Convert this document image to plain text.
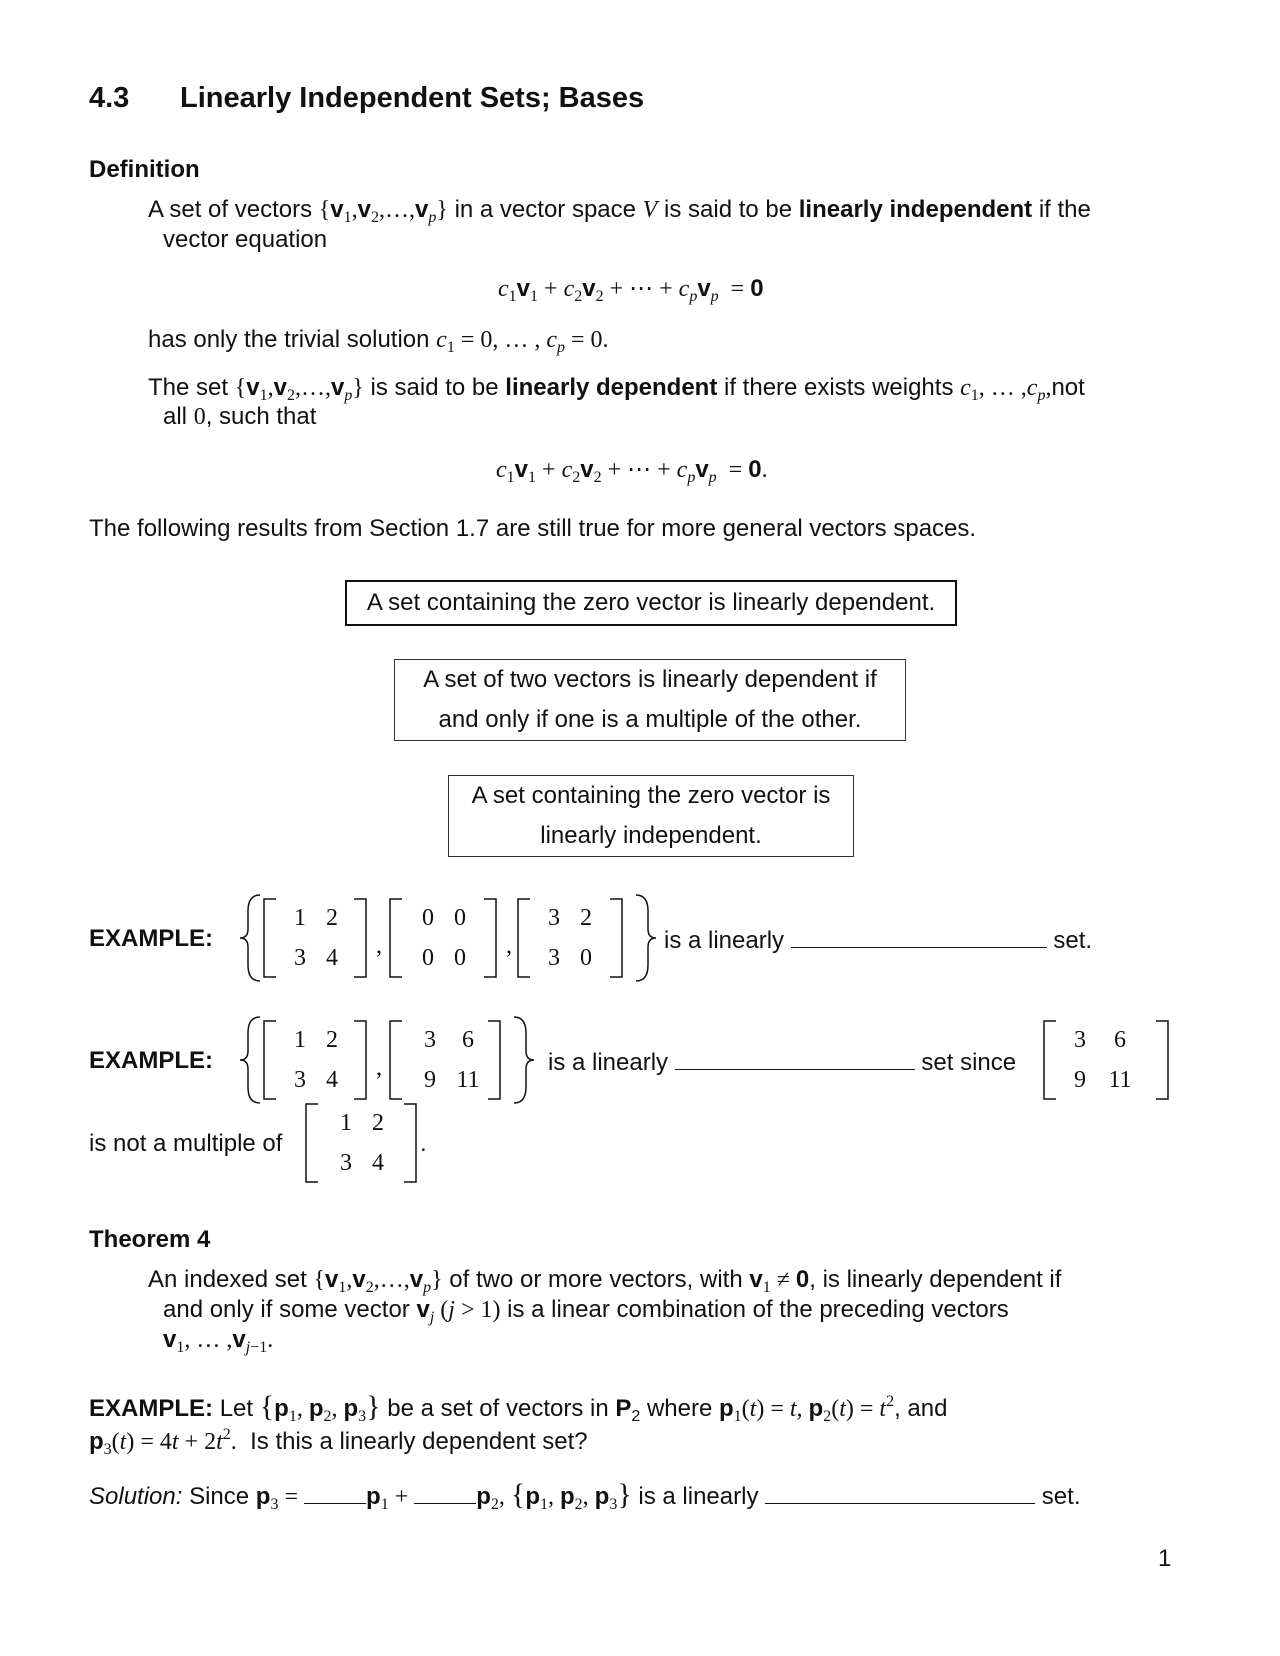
4.3 Linearly Independent Sets; Bases
Definition
A set of vectors $\{v_1,v_2,\dots,v_p\}$ in a vector space V is said to be linearly independent if the
vector equation
$c_1v_1 + c_2v_2$ + ⋯ + $c_pv_p = 0$
has only the trivial solution $c_1 = 0$, … , $c_p = 0$.
The set $\{v_1,v_2,\dots,v_p\}$ is said to be linearly dependent if there exists weights $c_1$, … $,c_p,not$
all 0, such that
$c_1v_1 + c_2v_2$ + ⋯ + $c_pv_p = 0$.
The following results from Section 1.7 are still true for more general vectors spaces.
A set containing the zero vector is linearly dependent.
A set of two vectors is linearly dependent if
and only if one is a multiple of the other.
A set containing the zero vector is
linearly independent.
EXAMPLE:	,	,
1 2
3 4
0 0
0 0
3 2
3 0
is a linearly	set.
EXAMPLE:	,
1 2
3 4
3	6
9 11
is a linearly	set since
3	6
9 11
is not a multiple of
1 2
3 4
.
Theorem 4
An indexed set $\{v_1,v_2,\dots,v_p\}$ of two or more vectors, with $v_1 \ne 0$, is linearly dependent if
and only if some vector $v_j$ (j > 1) is a linear combination of the preceding vectors
$v_1$, … $,v_{j-1}$.
EXAMPLE: Let {$p_1$, $p_2$, $p_3$} be a set of vectors in $P_2$ where $p_1(t) = t$, $p_2(t) = t^2$, and
$p_3(t) = 4t + 2t^2$. Is this a linearly dependent set?
Solution: Since $p_3$ =	$p_1$ +	$p_2$, {$p_1$, $p_2$, $p_3$} is a linearly	set.
1
